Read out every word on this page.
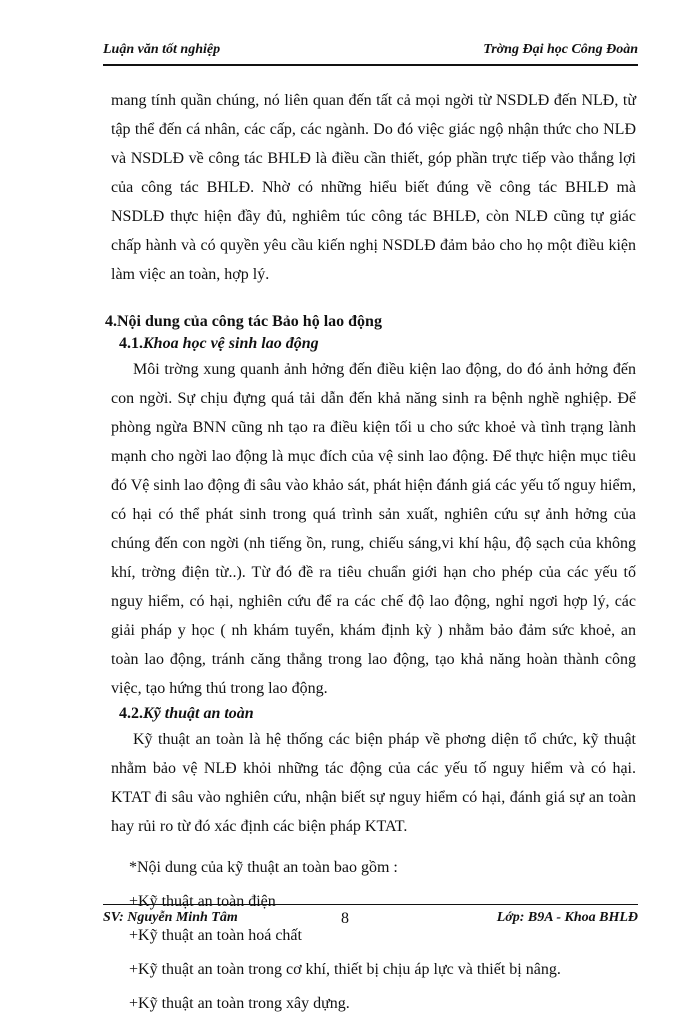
Luận văn tốt nghiệp	Trờng Đại học Công Đoàn

mang tính quần chúng, nó liên quan đến tất cả mọi ngời từ NSDLĐ đến NLĐ, từ tập thể đến cá nhân, các cấp, các ngành. Do đó việc giác ngộ nhận thức cho NLĐ và NSDLĐ về công tác BHLĐ là điều cần thiết, góp phần trực tiếp vào thắng lợi của công tác BHLĐ. Nhờ có những hiểu biết đúng về công tác BHLĐ mà NSDLĐ thực hiện đầy đủ, nghiêm túc công tác BHLĐ, còn NLĐ cũng tự giác chấp hành và có quyền yêu cầu kiến nghị NSDLĐ đảm bảo cho họ một điều kiện làm việc an toàn, hợp lý.

4.Nội dung của công tác Bảo hộ lao động
4.1.Khoa học vệ sinh lao động

Môi trờng xung quanh ảnh hởng đến điều kiện lao động, do đó ảnh hởng đến con ngời. Sự chịu đựng quá tải dẫn đến khả năng sinh ra bệnh nghề nghiệp. Để phòng ngừa BNN cũng nh tạo ra điều kiện tối u cho sức khoẻ và tình trạng lành mạnh cho ngời lao động là mục đích của vệ sinh lao động. Để thực hiện mục tiêu đó Vệ sinh lao động đi sâu vào khảo sát, phát hiện đánh giá các yếu tố nguy hiểm, có hại có thể phát sinh trong quá trình sản xuất, nghiên cứu sự ảnh hởng của chúng đến con ngời (nh tiếng ồn, rung, chiếu sáng,vi khí hậu, độ sạch của không khí, trờng điện từ..). Từ đó đề ra tiêu chuẩn giới hạn cho phép của các yếu tố nguy hiểm, có hại, nghiên cứu để ra các chế độ lao động, nghỉ ngơi hợp lý, các giải pháp y học ( nh khám tuyển, khám định kỳ ) nhằm bảo đảm sức khoẻ, an toàn lao động, tránh căng thẳng trong lao động, tạo khả năng hoàn thành công việc, tạo hứng thú trong lao động.

4.2.Kỹ thuật an toàn

Kỹ thuật an toàn là hệ thống các biện pháp về phơng diện tổ chức, kỹ thuật nhằm bảo vệ NLĐ khỏi những tác động của các yếu tố nguy hiểm và có hại. KTAT đi sâu vào nghiên cứu, nhận biết sự nguy hiểm có hại, đánh giá sự an toàn hay rủi ro từ đó xác định các biện pháp KTAT.

*Nội dung của kỹ thuật an toàn bao gồm :
+Kỹ thuật an toàn điện
+Kỹ thuật an toàn hoá chất
+Kỹ thuật an toàn trong cơ khí, thiết bị chịu áp lực và thiết bị nâng.
+Kỹ thuật an toàn trong xây dựng.
SV: Nguyễn Minh Tâm	8	Lớp: B9A - Khoa BHLĐ
